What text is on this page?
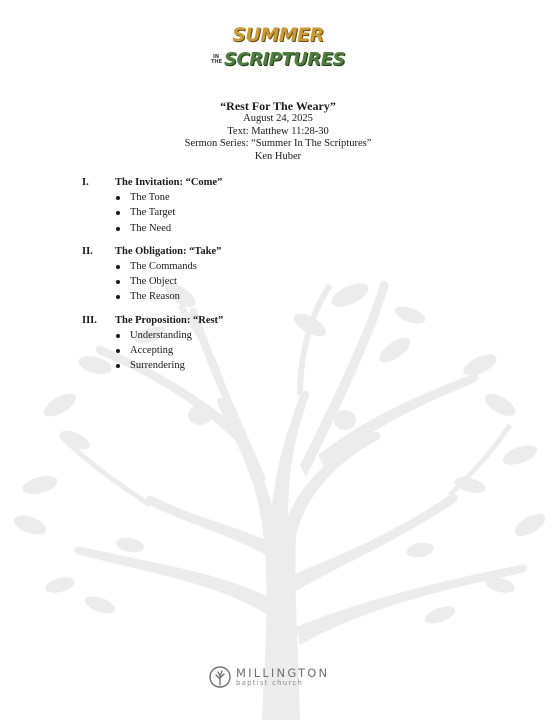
SUMMER
IN
THE SCRIPTURES
“Rest For The Weary”
August 24, 2025
Text: Matthew 11:28-30
Sermon Series: “Summer In The Scriptures”
Ken Huber
I.	The Invitation: “Come”
The Tone
The Target
The Need
II.	The Obligation: “Take”
The Commands
The Object
The Reason
III.	The Proposition: “Rest”
Understanding
Accepting
Surrendering
MILLINGTON
baptist church
